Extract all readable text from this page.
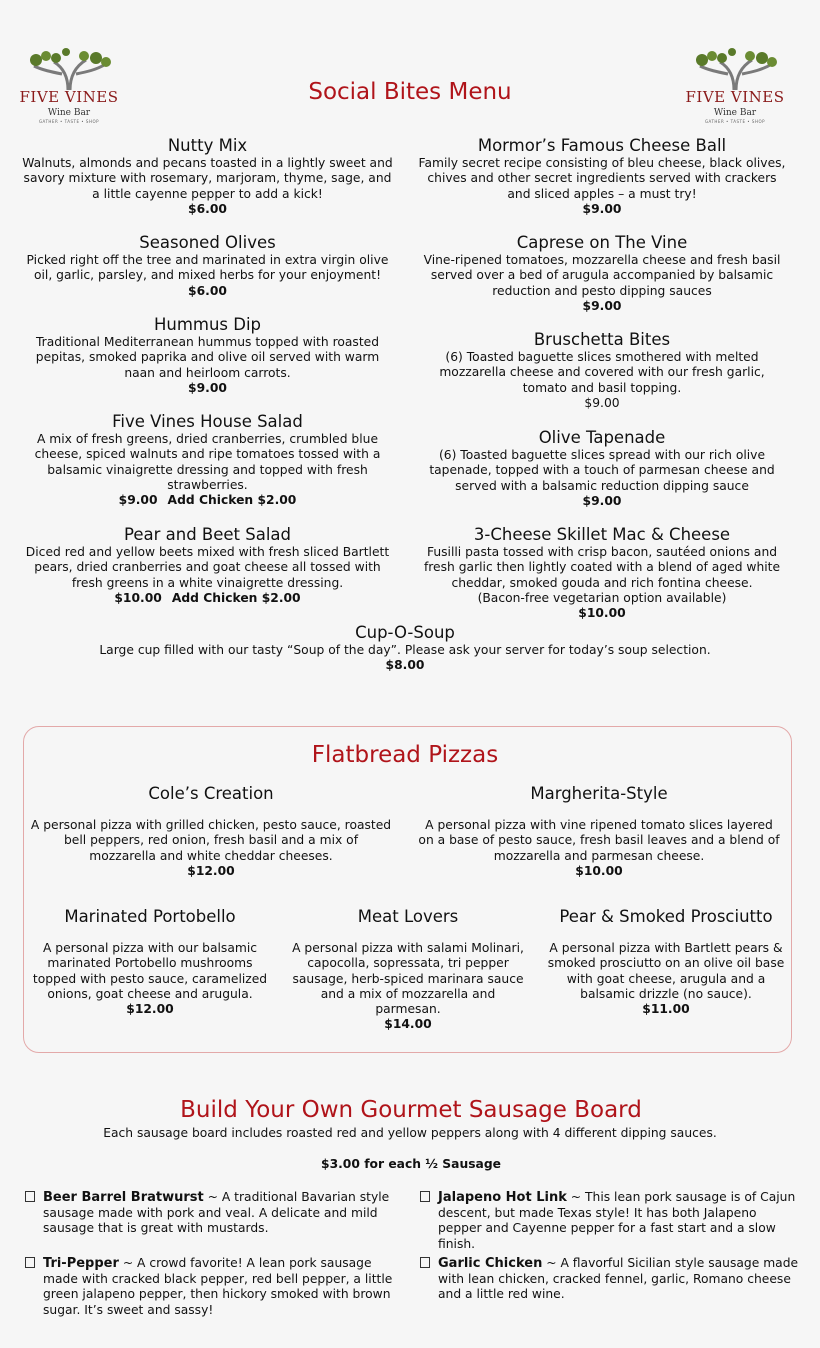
FIVE VINES
Wine Bar
GATHER • TASTE • SHOP
FIVE VINES
Wine Bar
GATHER • TASTE • SHOP
Social Bites Menu
Nutty Mix
Walnuts, almonds and pecans toasted in a lightly sweet and savory mixture with rosemary, marjoram, thyme, sage, and a little cayenne pepper to add a kick!
$6.00
Seasoned Olives
Picked right off the tree and marinated in extra virgin olive oil, garlic, parsley, and mixed herbs for your enjoyment!
$6.00
Hummus Dip
Traditional Mediterranean hummus topped with roasted pepitas, smoked paprika and olive oil served with warm naan and heirloom carrots.
$9.00
Five Vines House Salad
A mix of fresh greens, dried cranberries, crumbled blue cheese, spiced walnuts and ripe tomatoes tossed with a balsamic vinaigrette dressing and topped with fresh strawberries.
$9.00 Add Chicken $2.00
Pear and Beet Salad
Diced red and yellow beets mixed with fresh sliced Bartlett pears, dried cranberries and goat cheese all tossed with fresh greens in a white vinaigrette dressing.
$10.00 Add Chicken $2.00
Mormor’s Famous Cheese Ball
Family secret recipe consisting of bleu cheese, black olives, chives and other secret ingredients served with crackers and sliced apples – a must try!
$9.00
Caprese on The Vine
Vine-ripened tomatoes, mozzarella cheese and fresh basil served over a bed of arugula accompanied by balsamic reduction and pesto dipping sauces
$9.00
Bruschetta Bites
(6) Toasted baguette slices smothered with melted mozzarella cheese and covered with our fresh garlic, tomato and basil topping.
$9.00
Olive Tapenade
(6) Toasted baguette slices spread with our rich olive tapenade, topped with a touch of parmesan cheese and served with a balsamic reduction dipping sauce
$9.00
3-Cheese Skillet Mac & Cheese
Fusilli pasta tossed with crisp bacon, sautéed onions and fresh garlic then lightly coated with a blend of aged white cheddar, smoked gouda and rich fontina cheese.
(Bacon-free vegetarian option available)
$10.00
Cup-O-Soup
Large cup filled with our tasty “Soup of the day”. Please ask your server for today’s soup selection.
$8.00
Flatbread Pizzas
Cole’s Creation
A personal pizza with grilled chicken, pesto sauce, roasted bell peppers, red onion, fresh basil and a mix of mozzarella and white cheddar cheeses.
$12.00
Margherita-Style
A personal pizza with vine ripened tomato slices layered on a base of pesto sauce, fresh basil leaves and a blend of mozzarella and parmesan cheese.
$10.00
Marinated Portobello
A personal pizza with our balsamic marinated Portobello mushrooms topped with pesto sauce, caramelized onions, goat cheese and arugula.
$12.00
Meat Lovers
A personal pizza with salami Molinari, capocolla, sopressata, tri pepper sausage, herb-spiced marinara sauce and a mix of mozzarella and parmesan.
$14.00
Pear & Smoked Prosciutto
A personal pizza with Bartlett pears & smoked prosciutto on an olive oil base with goat cheese, arugula and a balsamic drizzle (no sauce).
$11.00
Build Your Own Gourmet Sausage Board
Each sausage board includes roasted red and yellow peppers along with 4 different dipping sauces.
$3.00 for each ½ Sausage
Beer Barrel Bratwurst ~ A traditional Bavarian style sausage made with pork and veal. A delicate and mild sausage that is great with mustards.
Tri-Pepper ~ A crowd favorite! A lean pork sausage made with cracked black pepper, red bell pepper, a little green jalapeno pepper, then hickory smoked with brown sugar. It’s sweet and sassy!
Jalapeno Hot Link ~ This lean pork sausage is of Cajun descent, but made Texas style! It has both Jalapeno pepper and Cayenne pepper for a fast start and a slow finish.
Garlic Chicken ~ A flavorful Sicilian style sausage made with lean chicken, cracked fennel, garlic, Romano cheese and a little red wine.
